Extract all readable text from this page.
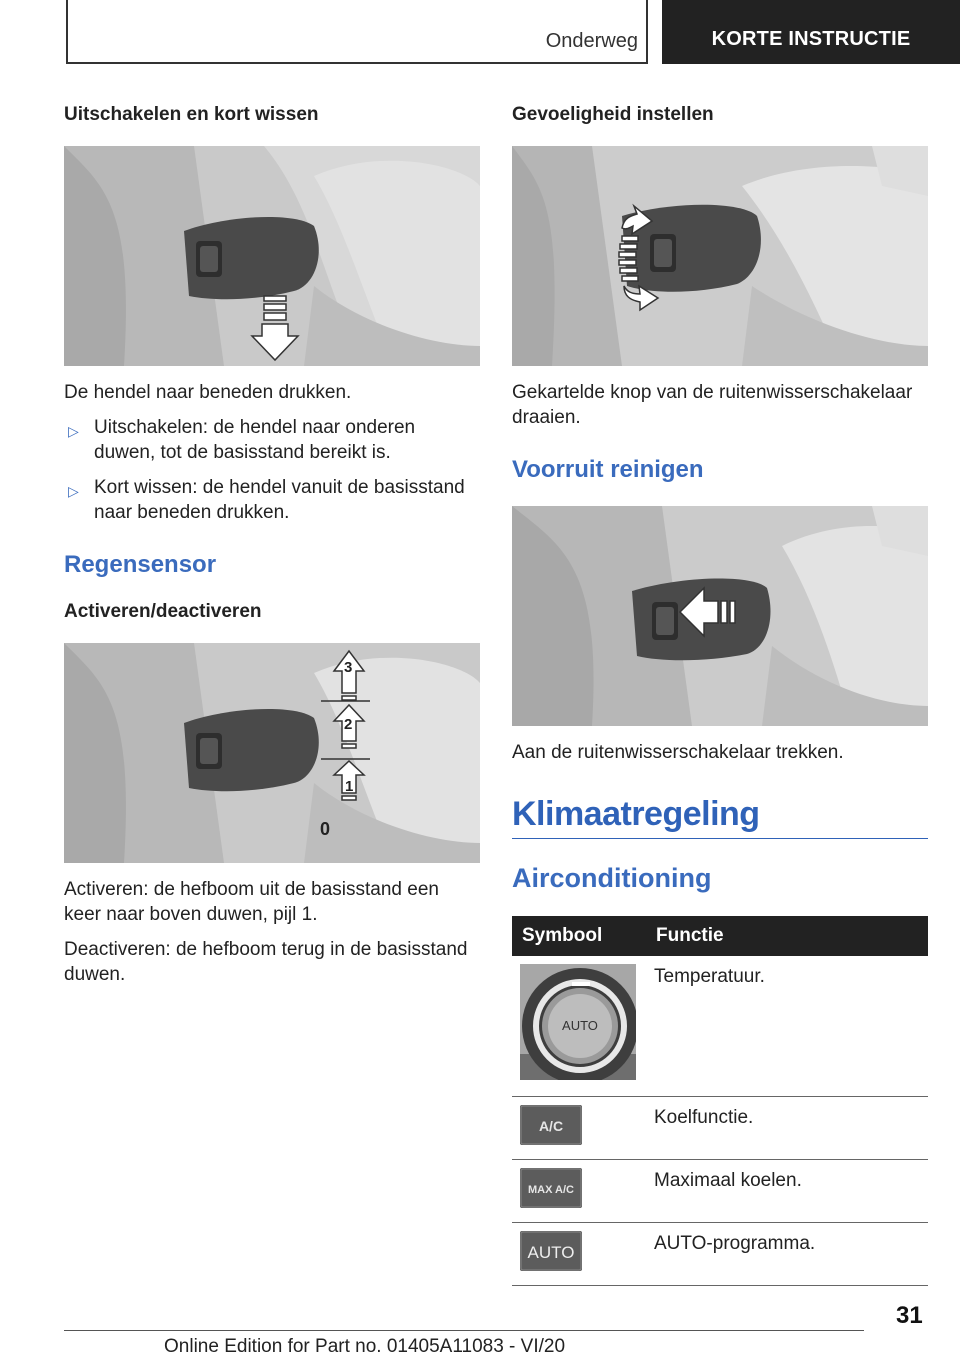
Onderweg	KORTE INSTRUCTIE
Uitschakelen en kort wissen

De hendel naar beneden drukken.

▷ Uitschakelen: de hendel naar onderen duwen, tot de basisstand bereikt is.
▷ Kort wissen: de hendel vanuit de basisstand naar beneden drukken.
Regensensor
Activeren/deactiveren
3
2
1
0

Activeren: de hefboom uit de basisstand een keer naar boven duwen, pijl 1.

Deactiveren: de hefboom terug in de basisstand duwen.

Gevoeligheid instellen

Gekartelde knop van de ruitenwisserschakelaar draaien.

Voorruit reinigen

Aan de ruitenwisserschakelaar trekken.

Klimaatregeling
Airconditioning
Symbool	Functie

AUTO	Temperatuur.

A/C	Koelfunctie.

MAX A/C	Maximaal koelen.

AUTO	AUTO-programma.
31
Online Edition for Part no. 01405A11083 - VI/20
